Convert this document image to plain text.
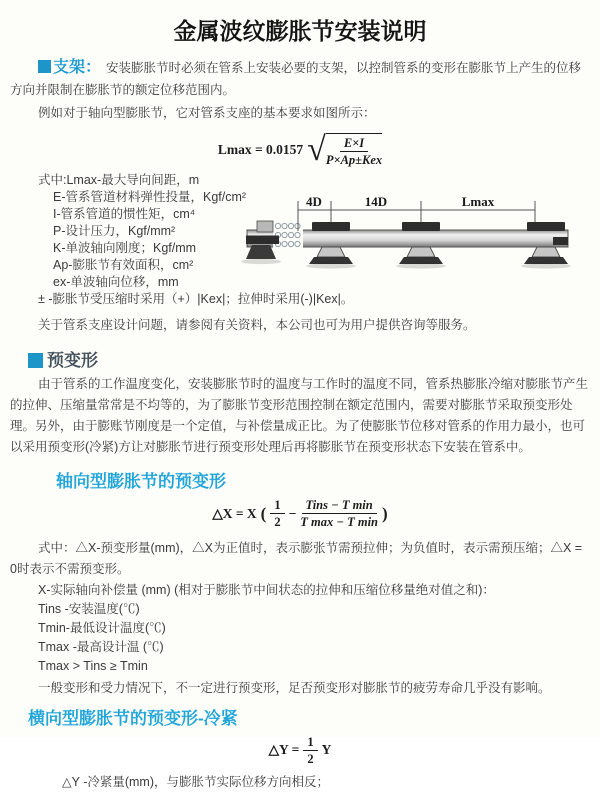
金属波纹膨胀节安装说明

支架： 安装膨胀节时必须在管系上安装必要的支架，以控制管系的变形在膨胀节上产生的位移方向并限制在膨胀节的额定位移范围内。

例如对于轴向型膨胀节，它对管系支座的基本要求如图所示：

Lmax = 0.0157 √ $\frac{E\times I}{\text{P×Ap±Kex}}$
式中:Lmax-最大导向间距，m
E-管系管道材料弹性投量，Kgf/cm²
I-管系管道的惯性矩，cm⁴
P-设计压力，Kgf/mm²
K-单波轴向刚度；Kgf/mm
Ap-膨胀节有效面积，cm²
ex-单波轴向位移，mm
± -膨胀节受压缩时采用（+）|Kex|；拉伸时采用(-)|Kex|。

关于管系支座设计问题，请参阅有关资料，本公司也可为用户提供咨询等服务。

预变形

由于管系的工作温度变化，安装膨胀节时的温度与工作时的温度不同，管系热膨胀冷缩对膨胀节产生的拉伸、压缩量常常是不均等的，为了膨胀节变形范围控制在额定范围内，需要对膨胀节采取预变形处理。另外，由于膨账节刚度是一个定值，与补偿量成正比。为了使膨胀节位移对管系的作用力最小，也可以采用预变形(冷紧)方让对膨胀节进行预变形处理后再将膨胀节在预变形状态下安装在管系中。

轴向型膨胀节的预变形
△X = X ( $\frac{1}{2} - \frac{\text{Tins − T min}}{\text{T max − T min}}$ )

式中：△X-预变形量(mm)，△X为正值时，表示膨张节需预拉伸；为负值时，表示需预压缩；△X = 0时表示不需预变形。

X-实际轴向补偿量 (mm) (相对于膨胀节中间状态的拉伸和压缩位移量绝对值之和)：
Tins -安装温度(℃)
Tmin-最低设计温度(℃)
Tmax -最高设计温 (℃)
Tmax > Tins ≥ Tmin

一般变形和受力情况下，不一定进行预变形，足否预变形对膨胀节的疲劳寿命几乎没有影响。

横向型膨胀节的预变形-冷紧
△Y = $\frac{1}{2}$ Y
△Y -冷紧量(mm)，与膨胀节实际位移方向相反；
4D	14D	Lmax
